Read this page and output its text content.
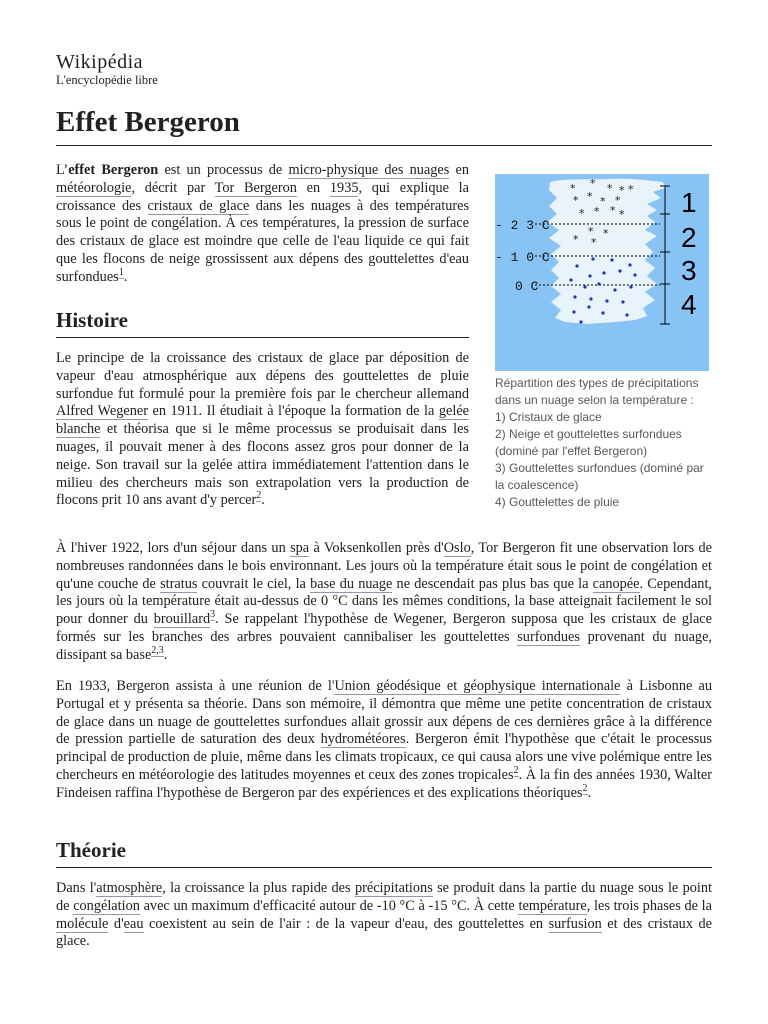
Wikipédia
L'encyclopédie libre
Effet Bergeron

L’effet Bergeron est un processus de micro-physique des nuages en météorologie, décrit par Tor Bergeron en 1935, qui explique la croissance des cristaux de glace dans les nuages à des températures sous le point de congélation. À ces températures, la pression de surface des cristaux de glace est moindre que celle de l'eau liquide ce qui fait que les flocons de neige grossissent aux dépens des gouttelettes d'eau surfondues$^1$.

Histoire

Le principe de la croissance des cristaux de glace par déposition de vapeur d'eau atmosphérique aux dépens des gouttelettes de pluie surfondue fut formulé pour la première fois par le chercheur allemand Alfred Wegener en 1911. Il étudiait à l'époque la formation de la gelée blanche et théorisa que si le même processus se produisait dans les nuages, il pouvait mener à des flocons assez gros pour donner de la neige. Son travail sur la gelée attira immédiatement l'attention dans le milieu des chercheurs mais son extrapolation vers la production de flocons prit 10 ans avant d'y percer$^2$.

À l'hiver 1922, lors d'un séjour dans un spa à Voksenkollen près d'Oslo, Tor Bergeron fit une observation lors de nombreuses randonnées dans le bois environnant. Les jours où la température était sous le point de congélation et qu'une couche de stratus couvrait le ciel, la base du nuage ne descendait pas plus bas que la canopée. Cependant, les jours où la température était au-dessus de 0 °C dans les mêmes conditions, la base atteignait facilement le sol pour donner du brouillard$^3$. Se rappelant l'hypothèse de Wegener, Bergeron supposa que les cristaux de glace formés sur les branches des arbres pouvaient cannibaliser les gouttelettes surfondues provenant du nuage, dissipant sa base$^{2,3}$.

En 1933, Bergeron assista à une réunion de l'Union géodésique et géophysique internationale à Lisbonne au Portugal et y présenta sa théorie. Dans son mémoire, il démontra que même une petite concentration de cristaux de glace dans un nuage de gouttelettes surfondues allait grossir aux dépens de ces dernières grâce à la différence de pression partielle de saturation des deux hydrométéores. Bergeron émit l'hypothèse que c'était le processus principal de production de pluie, même dans les climats tropicaux, ce qui causa alors une vive polémique entre les chercheurs en météorologie des latitudes moyennes et ceux des zones tropicales$^2$. À la fin des années 1930, Walter Findeisen raffina l'hypothèse de Bergeron par des expériences et des explications théoriques$^2$.

Théorie

Dans l'atmosphère, la croissance la plus rapide des précipitations se produit dans la partie du nuage sous le point de congélation avec un maximum d'efficacité autour de -10 °C à -15 °C. À cette température, les trois phases de la molécule d'eau coexistent au sein de l'air : de la vapeur d'eau, des gouttelettes en surfusion et des cristaux de glace.

* * * * *
* * * *
* * *
*
* *
*
*
- 2 3 C
- 1 0 C
0 C
1
2
3
4
Répartition des types de précipitations dans un nuage selon la température :
1) Cristaux de glace
2) Neige et gouttelettes surfondues (dominé par l'effet Bergeron)
3) Gouttelettes surfondues (dominé par la coalescence)
4) Gouttelettes de pluie
